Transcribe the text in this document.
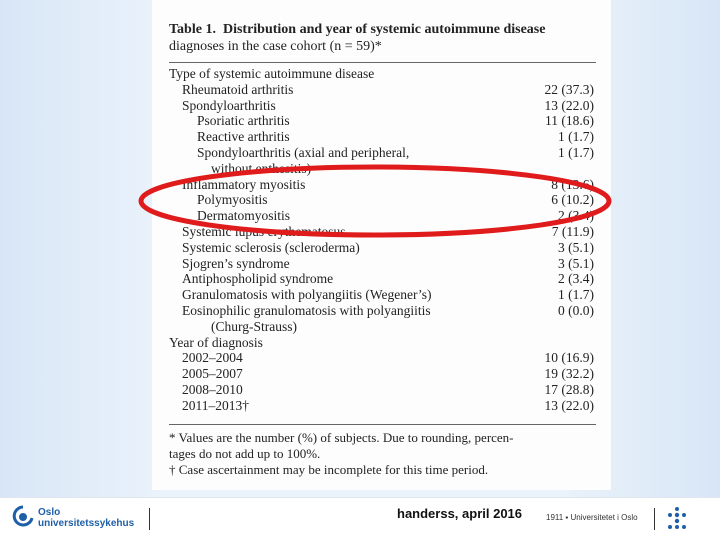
Table 1. Distribution and year of systemic autoimmune disease
diagnoses in the case cohort (n = 59)*
Type of systemic autoimmune disease
Rheumatoid arthritis	22 (37.3)
Spondyloarthritis	13 (22.0)
Psoriatic arthritis	11 (18.6)
Reactive arthritis	1 (1.7)
Spondyloarthritis (axial and peripheral,	1 (1.7)
without enthesitis)
Inflammatory myositis	8 (13.6)
Polymyositis	6 (10.2)
Dermatomyositis	2 (3.4)
Systemic lupus erythematosus	7 (11.9)
Systemic sclerosis (scleroderma)	3 (5.1)
Sjogren’s syndrome	3 (5.1)
Antiphospholipid syndrome	2 (3.4)
Granulomatosis with polyangiitis (Wegener’s)	1 (1.7)
Eosinophilic granulomatosis with polyangiitis	0 (0.0)
(Churg-Strauss)
Year of diagnosis
2002–2004	10 (16.9)
2005–2007	19 (32.2)
2008–2010	17 (28.8)
2011–2013†	13 (22.0)
* Values are the number (%) of subjects. Due to rounding, percen-
tages do not add up to 100%.
† Case ascertainment may be incomplete for this time period.
Oslo
universitetssykehus
handerss, april 2016	1911 ▪ Universitetet i Oslo
